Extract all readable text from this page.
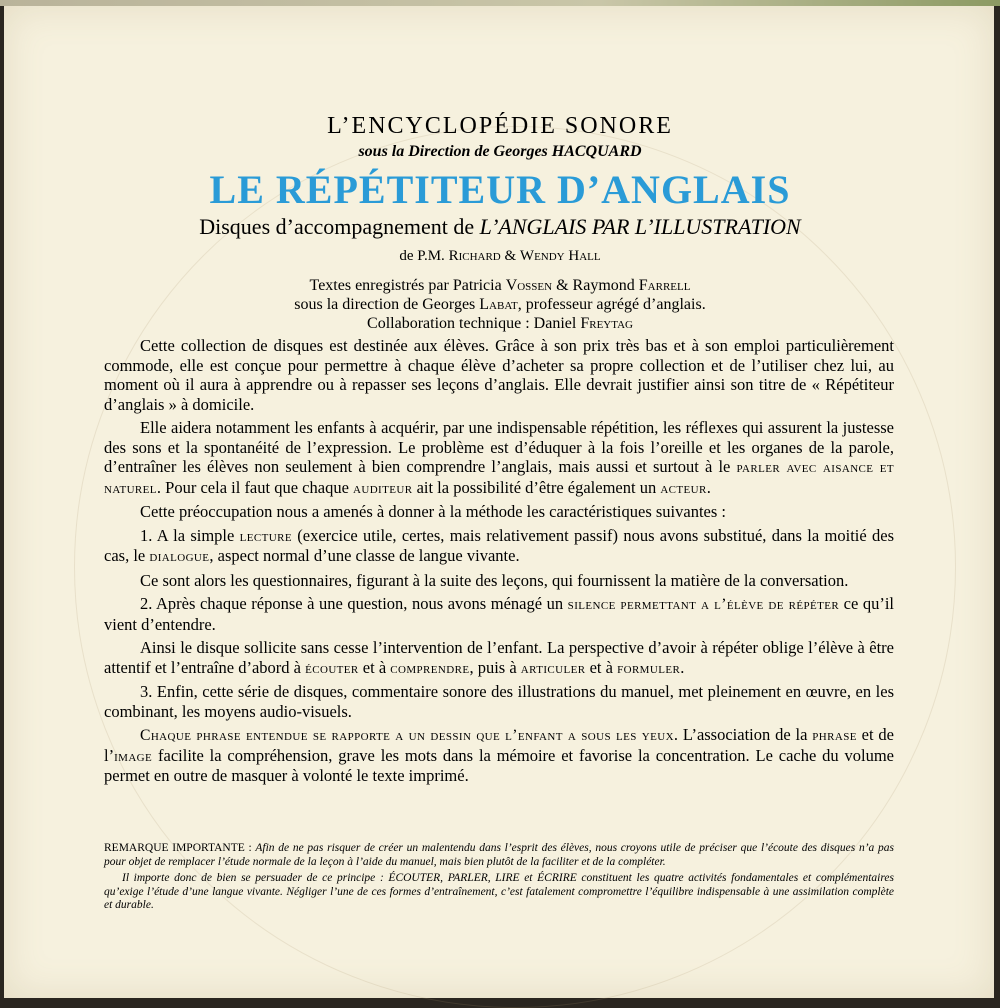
L’ENCYCLOPÉDIE SONORE
sous la Direction de Georges HACQUARD
LE RÉPÉTITEUR D’ANGLAIS
Disques d’accompagnement de L’ANGLAIS PAR L’ILLUSTRATION
de P.M. Richard & Wendy Hall
Textes enregistrés par Patricia Vossen & Raymond Farrell
sous la direction de Georges Labat, professeur agrégé d’anglais.
Collaboration technique : Daniel Freytag

Cette collection de disques est destinée aux élèves. Grâce à son prix très bas et à son emploi particulièrement commode, elle est conçue pour permettre à chaque élève d’acheter sa propre collection et de l’utiliser chez lui, au moment où il aura à apprendre ou à repasser ses leçons d’anglais. Elle devrait justifier ainsi son titre de « Répétiteur d’anglais » à domicile.

Elle aidera notamment les enfants à acquérir, par une indispensable répétition, les réflexes qui assurent la justesse des sons et la spontanéité de l’expression. Le problème est d’éduquer à la fois l’oreille et les organes de la parole, d’entraîner les élèves non seulement à bien comprendre l’anglais, mais aussi et surtout à le parler avec aisance et naturel. Pour cela il faut que chaque auditeur ait la possibilité d’être également un acteur.

Cette préoccupation nous a amenés à donner à la méthode les caractéristiques suivantes :

1. A la simple lecture (exercice utile, certes, mais relativement passif) nous avons substitué, dans la moitié des cas, le dialogue, aspect normal d’une classe de langue vivante.

Ce sont alors les questionnaires, figurant à la suite des leçons, qui fournissent la matière de la conversation.

2. Après chaque réponse à une question, nous avons ménagé un silence permettant a l’élève de répéter ce qu’il vient d’entendre.

Ainsi le disque sollicite sans cesse l’intervention de l’enfant. La perspective d’avoir à répéter oblige l’élève à être attentif et l’entraîne d’abord à écouter et à comprendre, puis à articuler et à formuler.

3. Enfin, cette série de disques, commentaire sonore des illustrations du manuel, met pleinement en œuvre, en les combinant, les moyens audio-visuels.

Chaque phrase entendue se rapporte a un dessin que l’enfant a sous les yeux. L’association de la phrase et de l’image facilite la compréhension, grave les mots dans la mémoire et favorise la concentration. Le cache du volume permet en outre de masquer à volonté le texte imprimé.

REMARQUE IMPORTANTE : Afin de ne pas risquer de créer un malentendu dans l’esprit des élèves, nous croyons utile de préciser que l’écoute des disques n’a pas pour objet de remplacer l’étude normale de la leçon à l’aide du manuel, mais bien plutôt de la faciliter et de la compléter.

Il importe donc de bien se persuader de ce principe : ÉCOUTER, PARLER, LIRE et ÉCRIRE constituent les quatre activités fondamentales et complémentaires qu’exige l’étude d’une langue vivante. Négliger l’une de ces formes d’entraînement, c’est fatalement compromettre l’équilibre indispensable à une assimilation complète et durable.
